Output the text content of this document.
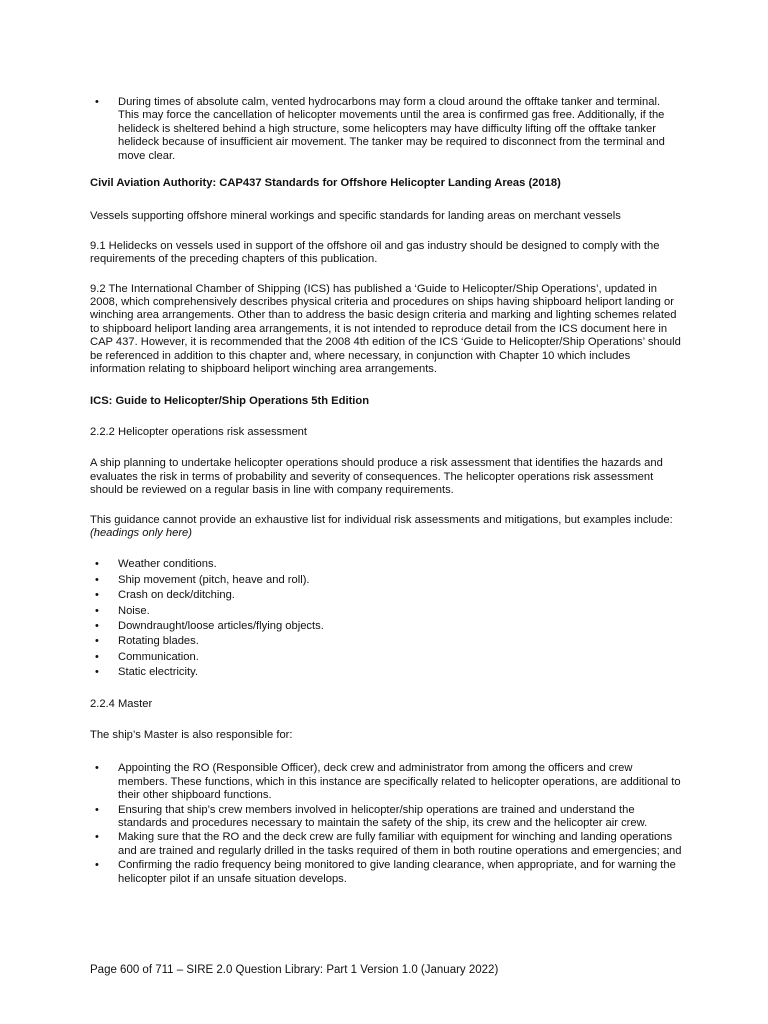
• During times of absolute calm, vented hydrocarbons may form a cloud around the offtake tanker and terminal. This may force the cancellation of helicopter movements until the area is confirmed gas free. Additionally, if the helideck is sheltered behind a high structure, some helicopters may have difficulty lifting off the offtake tanker helideck because of insufficient air movement. The tanker may be required to disconnect from the terminal and move clear.

Civil Aviation Authority: CAP437 Standards for Offshore Helicopter Landing Areas (2018)

Vessels supporting offshore mineral workings and specific standards for landing areas on merchant vessels

9.1 Helidecks on vessels used in support of the offshore oil and gas industry should be designed to comply with the requirements of the preceding chapters of this publication.

9.2 The International Chamber of Shipping (ICS) has published a ‘Guide to Helicopter/Ship Operations’, updated in 2008, which comprehensively describes physical criteria and procedures on ships having shipboard heliport landing or winching area arrangements. Other than to address the basic design criteria and marking and lighting schemes related to shipboard heliport landing area arrangements, it is not intended to reproduce detail from the ICS document here in CAP 437. However, it is recommended that the 2008 4th edition of the ICS ‘Guide to Helicopter/Ship Operations’ should be referenced in addition to this chapter and, where necessary, in conjunction with Chapter 10 which includes information relating to shipboard heliport winching area arrangements.

ICS: Guide to Helicopter/Ship Operations 5th Edition

2.2.2 Helicopter operations risk assessment

A ship planning to undertake helicopter operations should produce a risk assessment that identifies the hazards and evaluates the risk in terms of probability and severity of consequences. The helicopter operations risk assessment should be reviewed on a regular basis in line with company requirements.

This guidance cannot provide an exhaustive list for individual risk assessments and mitigations, but examples include: (headings only here)

• Weather conditions.
• Ship movement (pitch, heave and roll).
• Crash on deck/ditching.
• Noise.
• Downdraught/loose articles/flying objects.
• Rotating blades.
• Communication.
• Static electricity.

2.2.4 Master

The ship’s Master is also responsible for:

• Appointing the RO (Responsible Officer), deck crew and administrator from among the officers and crew members. These functions, which in this instance are specifically related to helicopter operations, are additional to their other shipboard functions.
• Ensuring that ship’s crew members involved in helicopter/ship operations are trained and understand the standards and procedures necessary to maintain the safety of the ship, its crew and the helicopter air crew.
• Making sure that the RO and the deck crew are fully familiar with equipment for winching and landing operations and are trained and regularly drilled in the tasks required of them in both routine operations and emergencies; and
• Confirming the radio frequency being monitored to give landing clearance, when appropriate, and for warning the helicopter pilot if an unsafe situation develops.
Page 600 of 711 – SIRE 2.0 Question Library: Part 1 Version 1.0 (January 2022)
